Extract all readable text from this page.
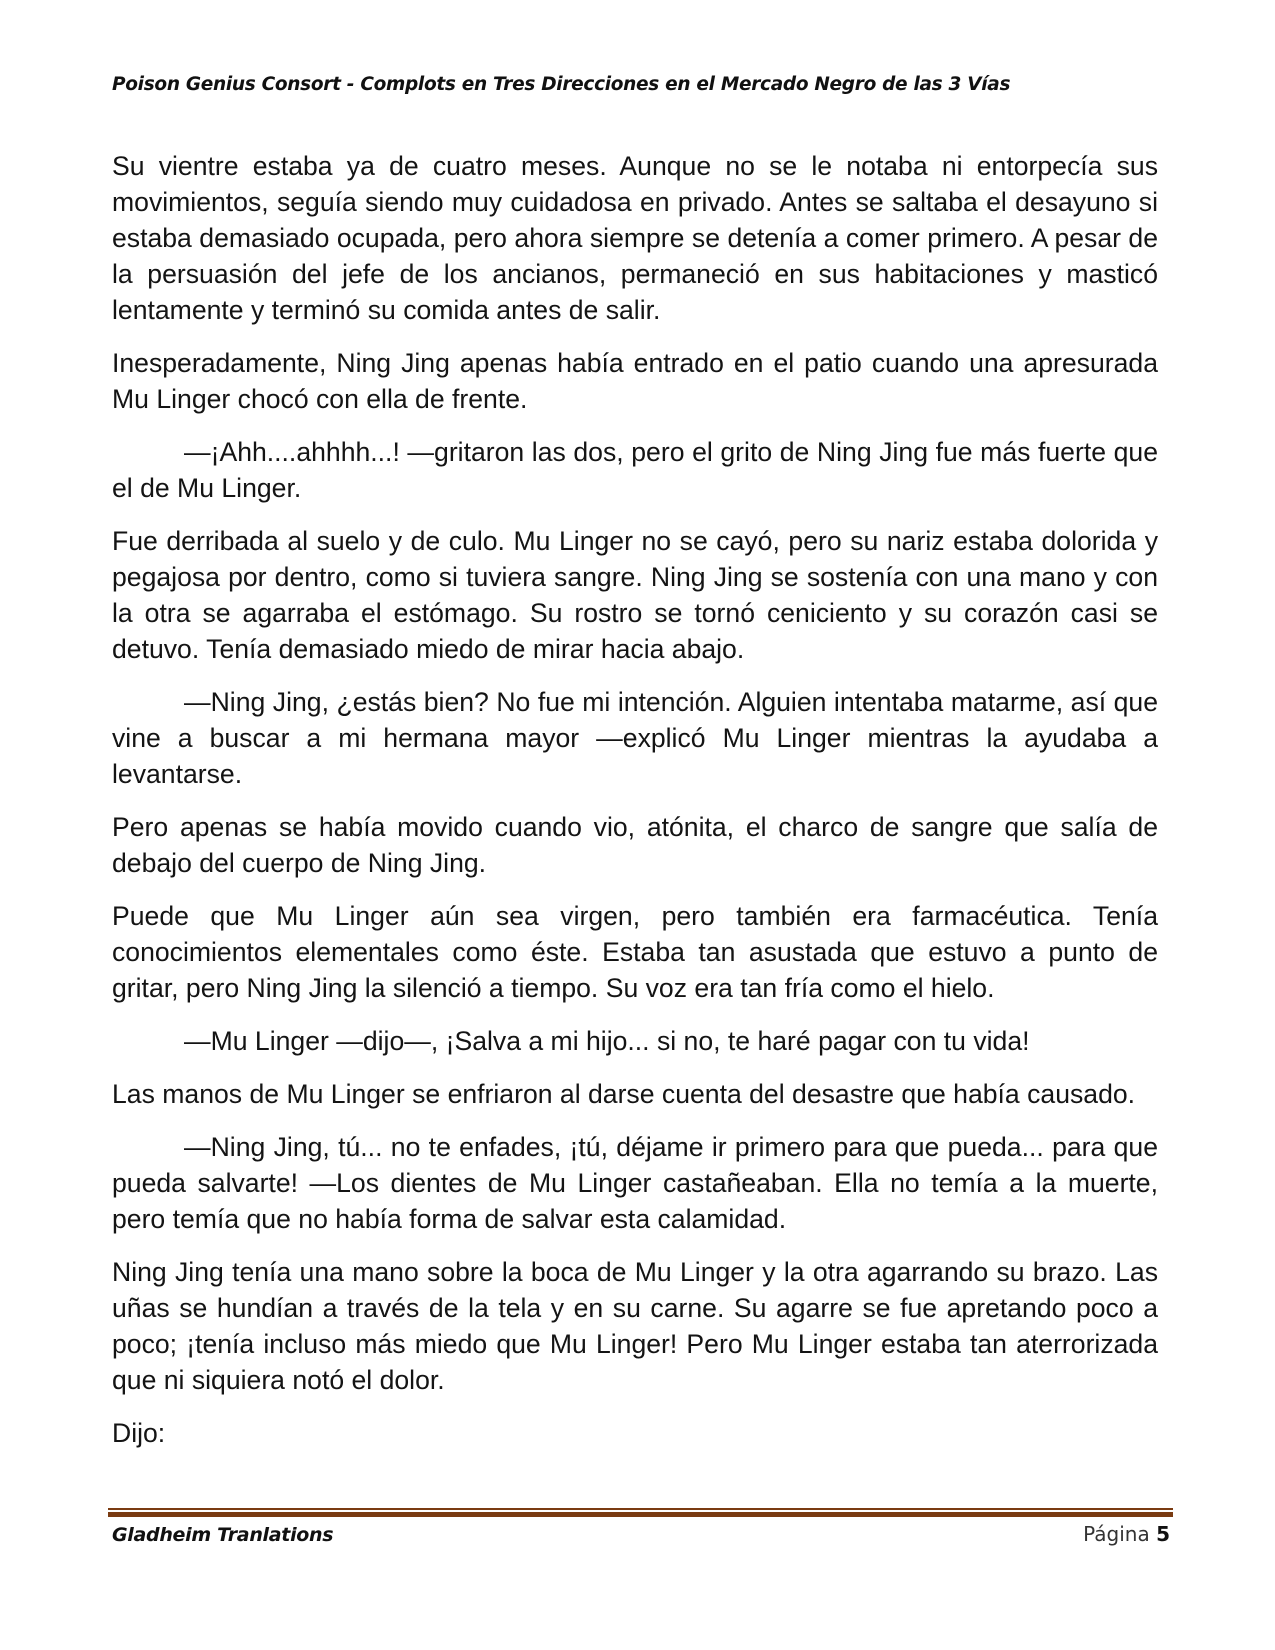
Poison Genius Consort - Complots en Tres Direcciones en el Mercado Negro de las 3 Vías

Su vientre estaba ya de cuatro meses. Aunque no se le notaba ni entorpecía sus movimientos, seguía siendo muy cuidadosa en privado. Antes se saltaba el desayuno si estaba demasiado ocupada, pero ahora siempre se detenía a comer primero. A pesar de la persuasión del jefe de los ancianos, permaneció en sus habitaciones y masticó lentamente y terminó su comida antes de salir.

Inesperadamente, Ning Jing apenas había entrado en el patio cuando una apresurada Mu Linger chocó con ella de frente.

—¡Ahh....ahhhh...! —gritaron las dos, pero el grito de Ning Jing fue más fuerte que el de Mu Linger.

Fue derribada al suelo y de culo. Mu Linger no se cayó, pero su nariz estaba dolorida y pegajosa por dentro, como si tuviera sangre. Ning Jing se sostenía con una mano y con la otra se agarraba el estómago. Su rostro se tornó ceniciento y su corazón casi se detuvo. Tenía demasiado miedo de mirar hacia abajo.

—Ning Jing, ¿estás bien? No fue mi intención. Alguien intentaba matarme, así que vine a buscar a mi hermana mayor —explicó Mu Linger mientras la ayudaba a levantarse.

Pero apenas se había movido cuando vio, atónita, el charco de sangre que salía de debajo del cuerpo de Ning Jing.

Puede que Mu Linger aún sea virgen, pero también era farmacéutica. Tenía conocimientos elementales como éste. Estaba tan asustada que estuvo a punto de gritar, pero Ning Jing la silenció a tiempo. Su voz era tan fría como el hielo.

—Mu Linger —dijo—, ¡Salva a mi hijo... si no, te haré pagar con tu vida!

Las manos de Mu Linger se enfriaron al darse cuenta del desastre que había causado.

—Ning Jing, tú... no te enfades, ¡tú, déjame ir primero para que pueda... para que pueda salvarte! —Los dientes de Mu Linger castañeaban. Ella no temía a la muerte, pero temía que no había forma de salvar esta calamidad.

Ning Jing tenía una mano sobre la boca de Mu Linger y la otra agarrando su brazo. Las uñas se hundían a través de la tela y en su carne. Su agarre se fue apretando poco a poco; ¡tenía incluso más miedo que Mu Linger! Pero Mu Linger estaba tan aterrorizada que ni siquiera notó el dolor.

Dijo:

Gladheim Tranlations	Página 5
